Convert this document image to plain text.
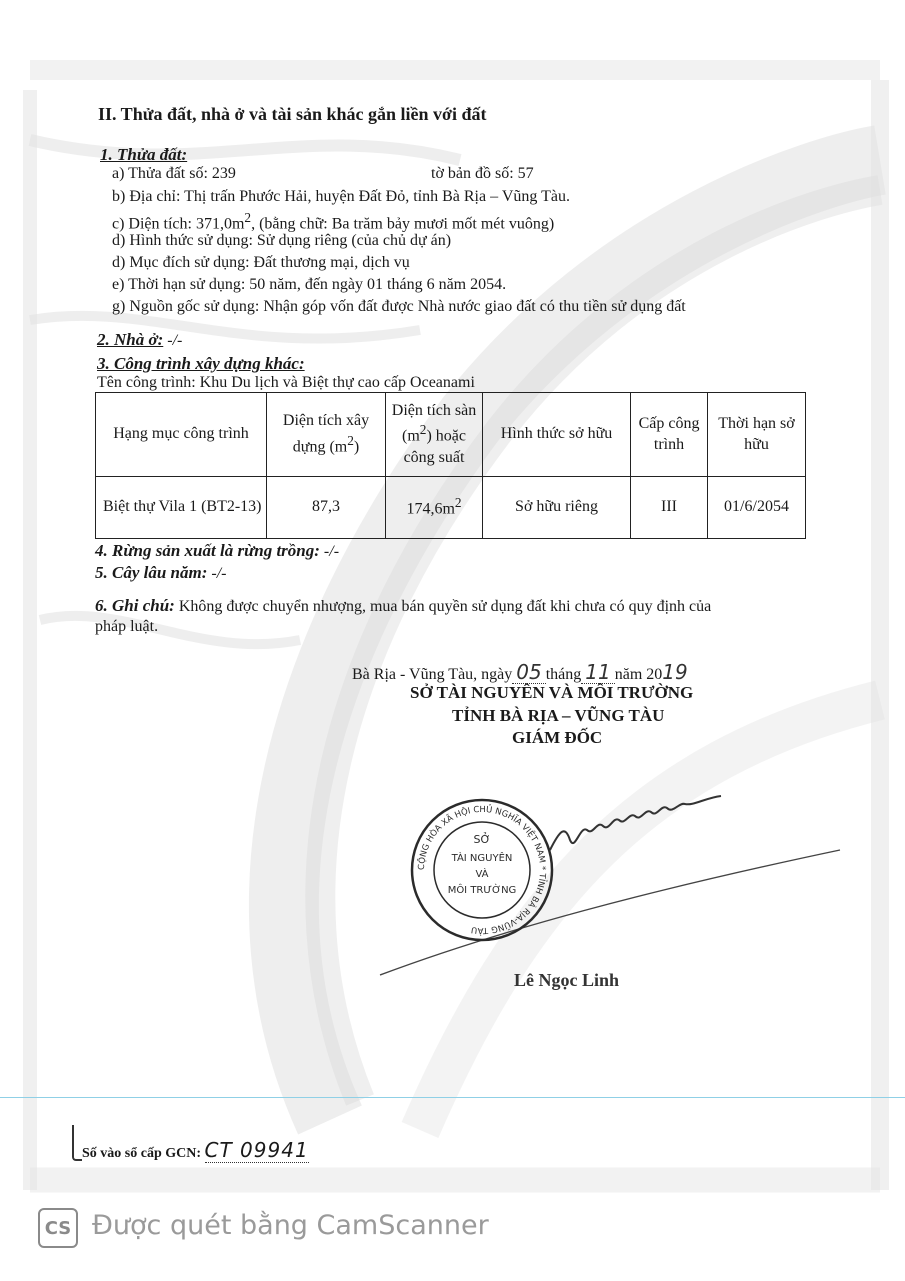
II. Thửa đất, nhà ở và tài sản khác gắn liền với đất
1. Thửa đất:
a) Thửa đất số: 239	tờ bản đồ số: 57
b) Địa chỉ: Thị trấn Phước Hải, huyện Đất Đỏ, tỉnh Bà Rịa – Vũng Tàu.
c) Diện tích: $371,0m^2$, (bằng chữ: Ba trăm bảy mươi mốt mét vuông)
d) Hình thức sử dụng: Sử dụng riêng (của chủ dự án)
d) Mục đích sử dụng: Đất thương mại, dịch vụ
e) Thời hạn sử dụng: 50 năm, đến ngày 01 tháng 6 năm 2054.
g) Nguồn gốc sử dụng: Nhận góp vốn đất được Nhà nước giao đất có thu tiền sử dụng đất
2. Nhà ở: -/-
3. Công trình xây dựng khác:
Tên công trình: Khu Du lịch và Biệt thự cao cấp Oceanami
Hạng mục công trình	Diện tích xây dựng $(m^2)$	Diện tích sàn $(m^2)$ hoặc công suất	Hình thức sở hữu	Cấp công trình	Thời hạn sở hữu
Biệt thự Vila 1 (BT2-13)	87,3	$174,6m^2$	Sở hữu riêng	III	01/6/2054
4. Rừng sản xuất là rừng trồng: -/-
5. Cây lâu năm: -/-
6. Ghi chú: Không được chuyển nhượng, mua bán quyền sử dụng đất khi chưa có quy định của
pháp luật.
Bà Rịa - Vũng Tàu, ngày 05 tháng 11 năm 2019
SỞ TÀI NGUYÊN VÀ MÔI TRƯỜNG
TỈNH BÀ RỊA – VŨNG TÀU
GIÁM ĐỐC
CỘNG HÒA XÃ HỘI CHỦ NGHĨA VIỆT NAM * TỈNH BÀ RỊA-VŨNG TÀU
SỞ
TÀI NGUYÊN
VÀ
MÔI TRƯỜNG
Lê Ngọc Linh
Số vào sổ cấp GCN: CT 09941
CS Được quét bằng CamScanner
